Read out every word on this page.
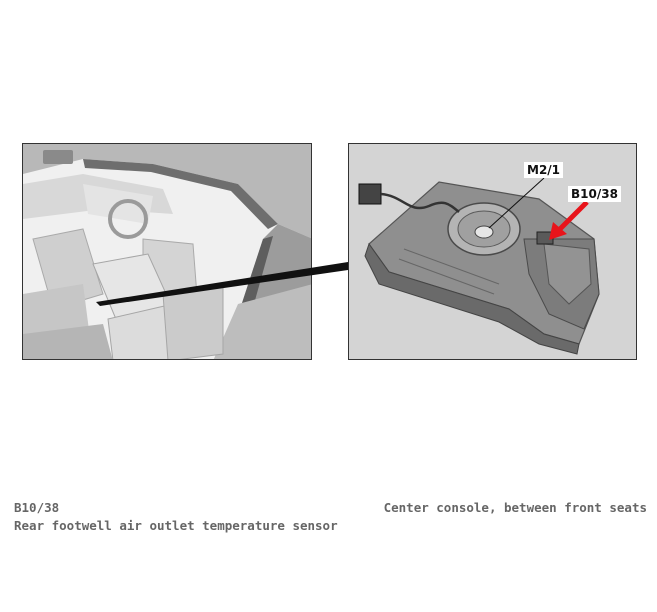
M2/1
B10/38
B10/38
Rear footwell air outlet temperature sensor
Center console, between front seats
